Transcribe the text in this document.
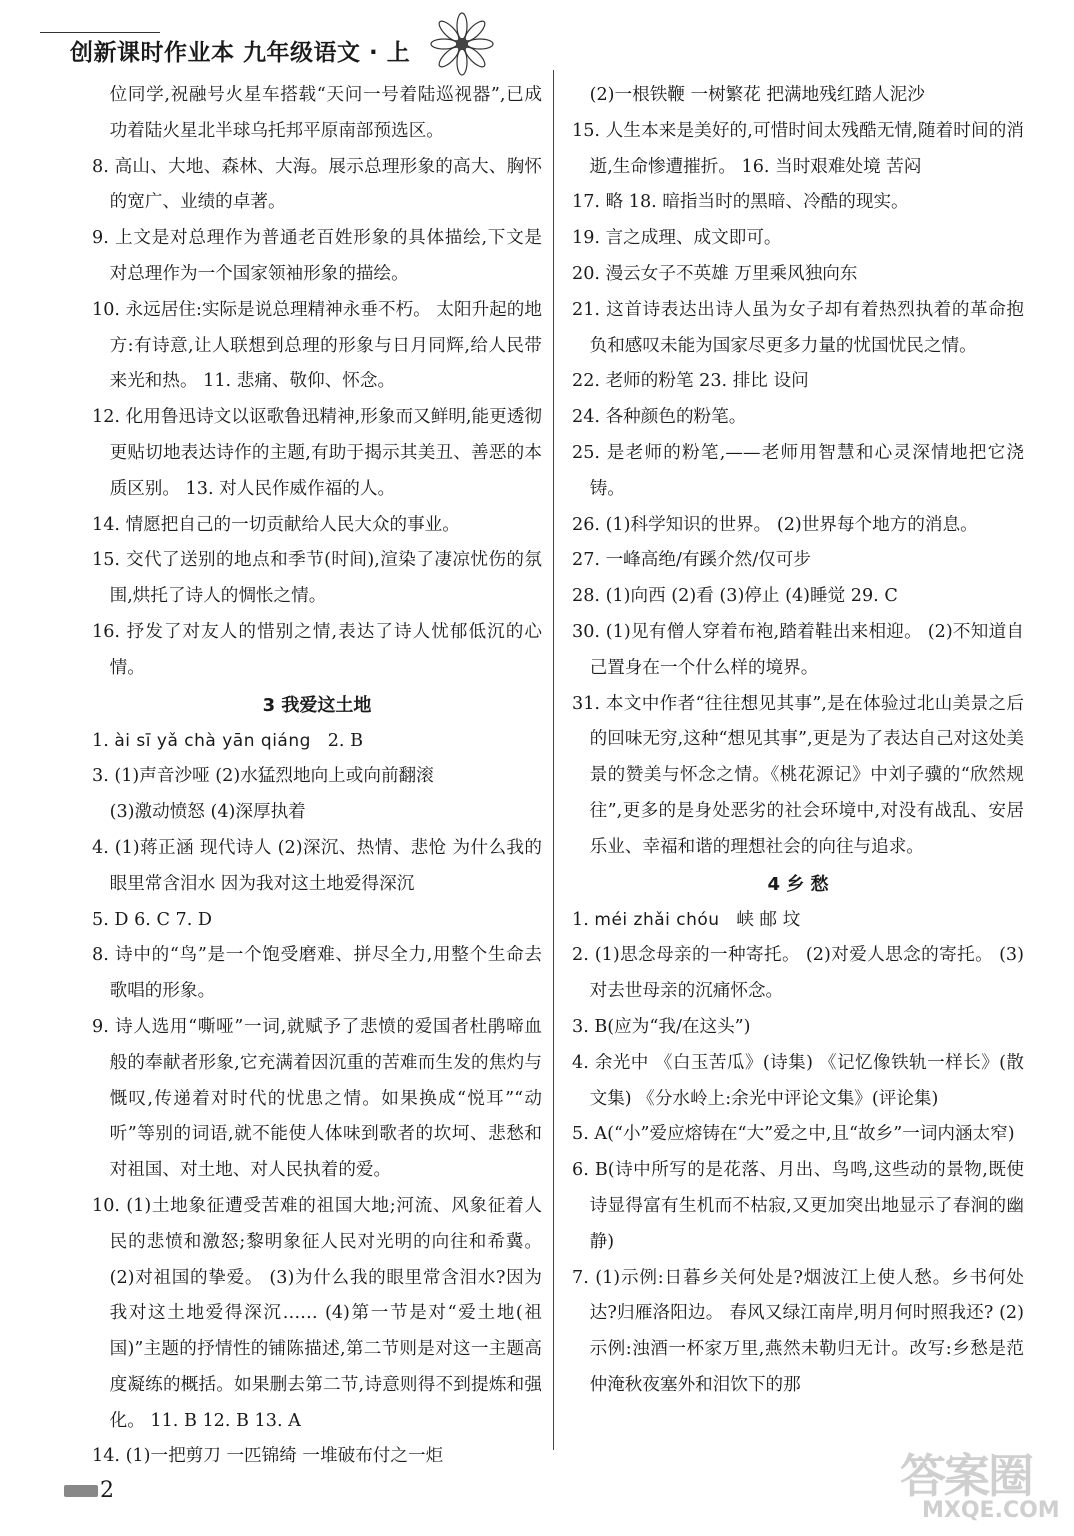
创新课时作业本 九年级语文 · 上

位同学,祝融号火星车搭载“天问一号着陆巡视器”,已成功着陆火星北半球乌托邦平原南部预选区。

8. 高山、大地、森林、大海。展示总理形象的高大、胸怀的宽广、业绩的卓著。

9. 上文是对总理作为普通老百姓形象的具体描绘,下文是对总理作为一个国家领袖形象的描绘。

10. 永远居住:实际是说总理精神永垂不朽。 太阳升起的地方:有诗意,让人联想到总理的形象与日月同辉,给人民带来光和热。 11. 悲痛、敬仰、怀念。

12. 化用鲁迅诗文以讴歌鲁迅精神,形象而又鲜明,能更透彻更贴切地表达诗作的主题,有助于揭示其美丑、善恶的本质区别。 13. 对人民作威作福的人。

14. 情愿把自己的一切贡献给人民大众的事业。

15. 交代了送别的地点和季节(时间),渲染了凄凉忧伤的氛围,烘托了诗人的惆怅之情。

16. 抒发了对友人的惜别之情,表达了诗人忧郁低沉的心情。

3 我爱这土地

1. ài sī yǎ chà yān qiáng 2. B

3. (1)声音沙哑 (2)水猛烈地向上或向前翻滚

(3)激动愤怒 (4)深厚执着

4. (1)蒋正涵 现代诗人 (2)深沉、热情、悲怆 为什么我的眼里常含泪水 因为我对这土地爱得深沉

5. D 6. C 7. D

8. 诗中的“鸟”是一个饱受磨难、拼尽全力,用整个生命去歌唱的形象。

9. 诗人选用“嘶哑”一词,就赋予了悲愤的爱国者杜鹃啼血般的奉献者形象,它充满着因沉重的苦难而生发的焦灼与慨叹,传递着对时代的忧患之情。如果换成“悦耳”“动听”等别的词语,就不能使人体味到歌者的坎坷、悲愁和对祖国、对土地、对人民执着的爱。

10. (1)土地象征遭受苦难的祖国大地;河流、风象征着人民的悲愤和激怒;黎明象征人民对光明的向往和希冀。 (2)对祖国的挚爱。 (3)为什么我的眼里常含泪水?因为我对这土地爱得深沉…… (4)第一节是对“爱土地(祖国)”主题的抒情性的铺陈描述,第二节则是对这一主题高度凝练的概括。如果删去第二节,诗意则得不到提炼和强化。 11. B 12. B 13. A

14. (1)一把剪刀 一匹锦绮 一堆破布付之一炬

(2)一根铁鞭 一树繁花 把满地残红踏人泥沙

15. 人生本来是美好的,可惜时间太残酷无情,随着时间的消逝,生命惨遭摧折。 16. 当时艰难处境 苦闷

17. 略 18. 暗指当时的黑暗、冷酷的现实。

19. 言之成理、成文即可。

20. 漫云女子不英雄 万里乘风独向东

21. 这首诗表达出诗人虽为女子却有着热烈执着的革命抱负和感叹未能为国家尽更多力量的忧国忧民之情。

22. 老师的粉笔 23. 排比 设问

24. 各种颜色的粉笔。

25. 是老师的粉笔,——老师用智慧和心灵深情地把它浇铸。

26. (1)科学知识的世界。 (2)世界每个地方的消息。

27. 一峰高绝/有蹊介然/仅可步

28. (1)向西 (2)看 (3)停止 (4)睡觉 29. C

30. (1)见有僧人穿着布袍,踏着鞋出来相迎。 (2)不知道自己置身在一个什么样的境界。

31. 本文中作者“往往想见其事”,是在体验过北山美景之后的回味无穷,这种“想见其事”,更是为了表达自己对这处美景的赞美与怀念之情。《桃花源记》中刘子骥的“欣然规往”,更多的是身处恶劣的社会环境中,对没有战乱、安居乐业、幸福和谐的理想社会的向往与追求。

4 乡 愁

1. méi zhǎi chóu 峡 邮 坟

2. (1)思念母亲的一种寄托。 (2)对爱人思念的寄托。 (3)对去世母亲的沉痛怀念。

3. B(应为“我/在这头”)

4. 余光中 《白玉苦瓜》(诗集) 《记忆像铁轨一样长》(散文集) 《分水岭上:余光中评论文集》(评论集)

5. A(“小”爱应熔铸在“大”爱之中,且“故乡”一词内涵太窄)

6. B(诗中所写的是花落、月出、鸟鸣,这些动的景物,既使诗显得富有生机而不枯寂,又更加突出地显示了春涧的幽静)

7. (1)示例:日暮乡关何处是?烟波江上使人愁。乡书何处达?归雁洛阳边。 春风又绿江南岸,明月何时照我还? (2)示例:浊酒一杯家万里,燕然未勒归无计。改写:乡愁是范仲淹秋夜塞外和泪饮下的那

2	答案圈
MXQE.COM
